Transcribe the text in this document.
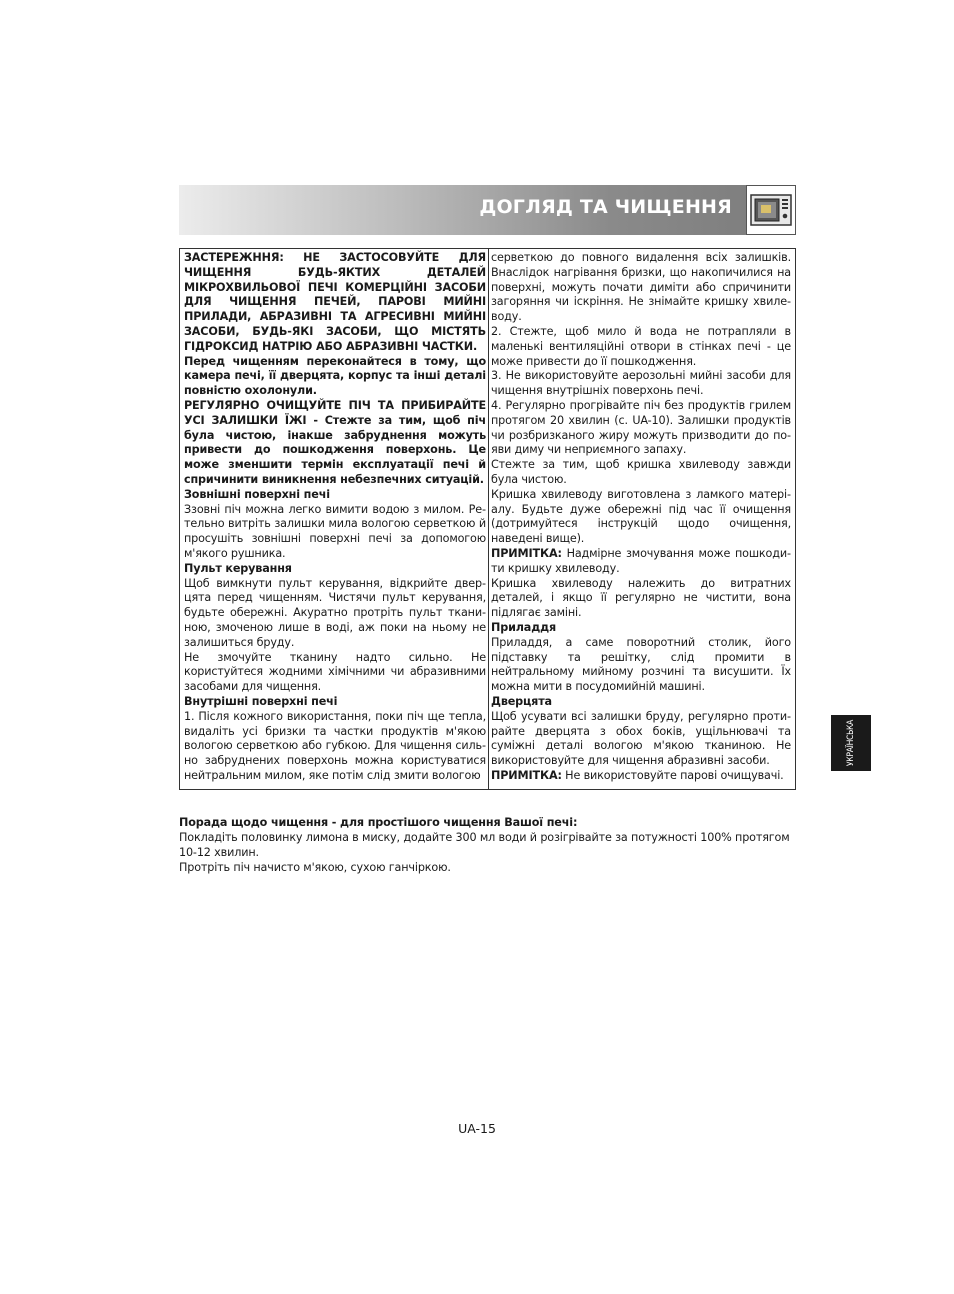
ДОГЛЯД ТА ЧИЩЕННЯ

ЗАСТЕРЕЖННЯ: НЕ ЗАСТОСОВУЙТЕ ДЛЯ ЧИЩЕННЯ БУДЬ-ЯКТИХ ДЕТАЛЕЙ МІКРОХВИЛЬОВОЇ ПЕЧІ КОМЕРЦІЙНІ ЗАСОБИ ДЛЯ ЧИЩЕННЯ ПЕЧЕЙ, ПАРОВІ МИЙНІ ПРИЛАДИ, АБРАЗИВНІ ТА АГРЕСИВНІ МИЙНІ ЗАСОБИ, БУДЬ-ЯКІ ЗАСОБИ, ЩО МІСТЯТЬ ГІДРОКСИД НАТРІЮ АБО АБРАЗИВНІ ЧАСТКИ.

Перед чищенням переконайтеся в тому, що камера печі, її дверцята, корпус та інші деталі повністю охолонули.

РЕГУЛЯРНО ОЧИЩУЙТЕ ПІЧ ТА ПРИБИРАЙТЕ УСІ ЗАЛИШКИ ЇЖІ - Стежте за тим, щоб піч була чистою, інакше забруднення можуть привести до пошкодження поверхонь. Це може зменшити термін експлуатації печі й спричинити виникнення небезпечних ситуацій.

Зовнішні поверхні печі

Ззовні піч можна легко вимити водою з милом. Ретельно витріть залишки мила вологою серветкою й просушіть зовнішні поверхні печі за допомогою м'якого рушника.

Пульт керування

Щоб вимкнути пульт керування, відкрийте дверцята перед чищенням. Чистячи пульт керування, будьте обережні. Акуратно протріть пульт тканиною, змоченою лише в воді, аж поки на ньому не залишиться бруду.

Не змочуйте тканину надто сильно. Не користуйтеся жодними хімічними чи абразивними засобами для чищення.

Внутрішні поверхні печі

1. Після кожного використання, поки піч ще тепла, видаліть усі бризки та частки продуктів м'якою вологою серветкою або губкою. Для чищення сильно забруднених поверхонь можна користуватися нейтральним милом, яке потім слід змити вологою

серветкою до повного видалення всіх залишків. Внаслідок нагрівання бризки, що накопичилися на поверхні, можуть почати диміти або спричинити загоряння чи іскріння. Не знімайте кришку хвилеводу.

2. Стежте, щоб мило й вода не потрапляли в маленькі вентиляційні отвори в стінках печі - це може привести до її пошкодження.

3. Не використовуйте аерозольні мийні засоби для чищення внутрішніх поверхонь печі.

4. Регулярно прогрівайте піч без продуктів грилем протягом 20 хвилин (с. UA-10). Залишки продуктів чи розбризканого жиру можуть призводити до появи диму чи неприємного запаху.

Стежте за тим, щоб кришка хвилеводу завжди була чистою.

Кришка хвилеводу виготовлена з ламкого матеріалу. Будьте дуже обережні під час її очищення (дотримуйтеся інструкцій щодо очищення, наведені вище).

ПРИМІТКА: Надмірне змочування може пошкодити кришку хвилеводу.

Кришка хвилеводу належить до витратних деталей, і якщо її регулярно не чистити, вона підлягає заміні.

Приладдя

Приладдя, а саме поворотний столик, його підставку та решітку, слід промити в нейтральному мийному розчині та висушити. Їх можна мити в посудомийній машині.

Дверцята

Щоб усувати всі залишки бруду, регулярно протирайте дверцята з обох боків, ущільнювачі та суміжні деталі вологою м'якою тканиною. Не використовуйте для чищення абразивні засоби.

ПРИМІТКА: Не використовуйте парові очищувачі.

УКРАЇНСЬКА

Порада щодо чищення - для простішого чищення Вашої печі:

Покладіть половинку лимона в миску, додайте 300 мл води й розігрівайте за потужності 100% протягом 10-12 хвилин.

Протріть піч начисто м'якою, сухою ганчіркою.

UA-15
